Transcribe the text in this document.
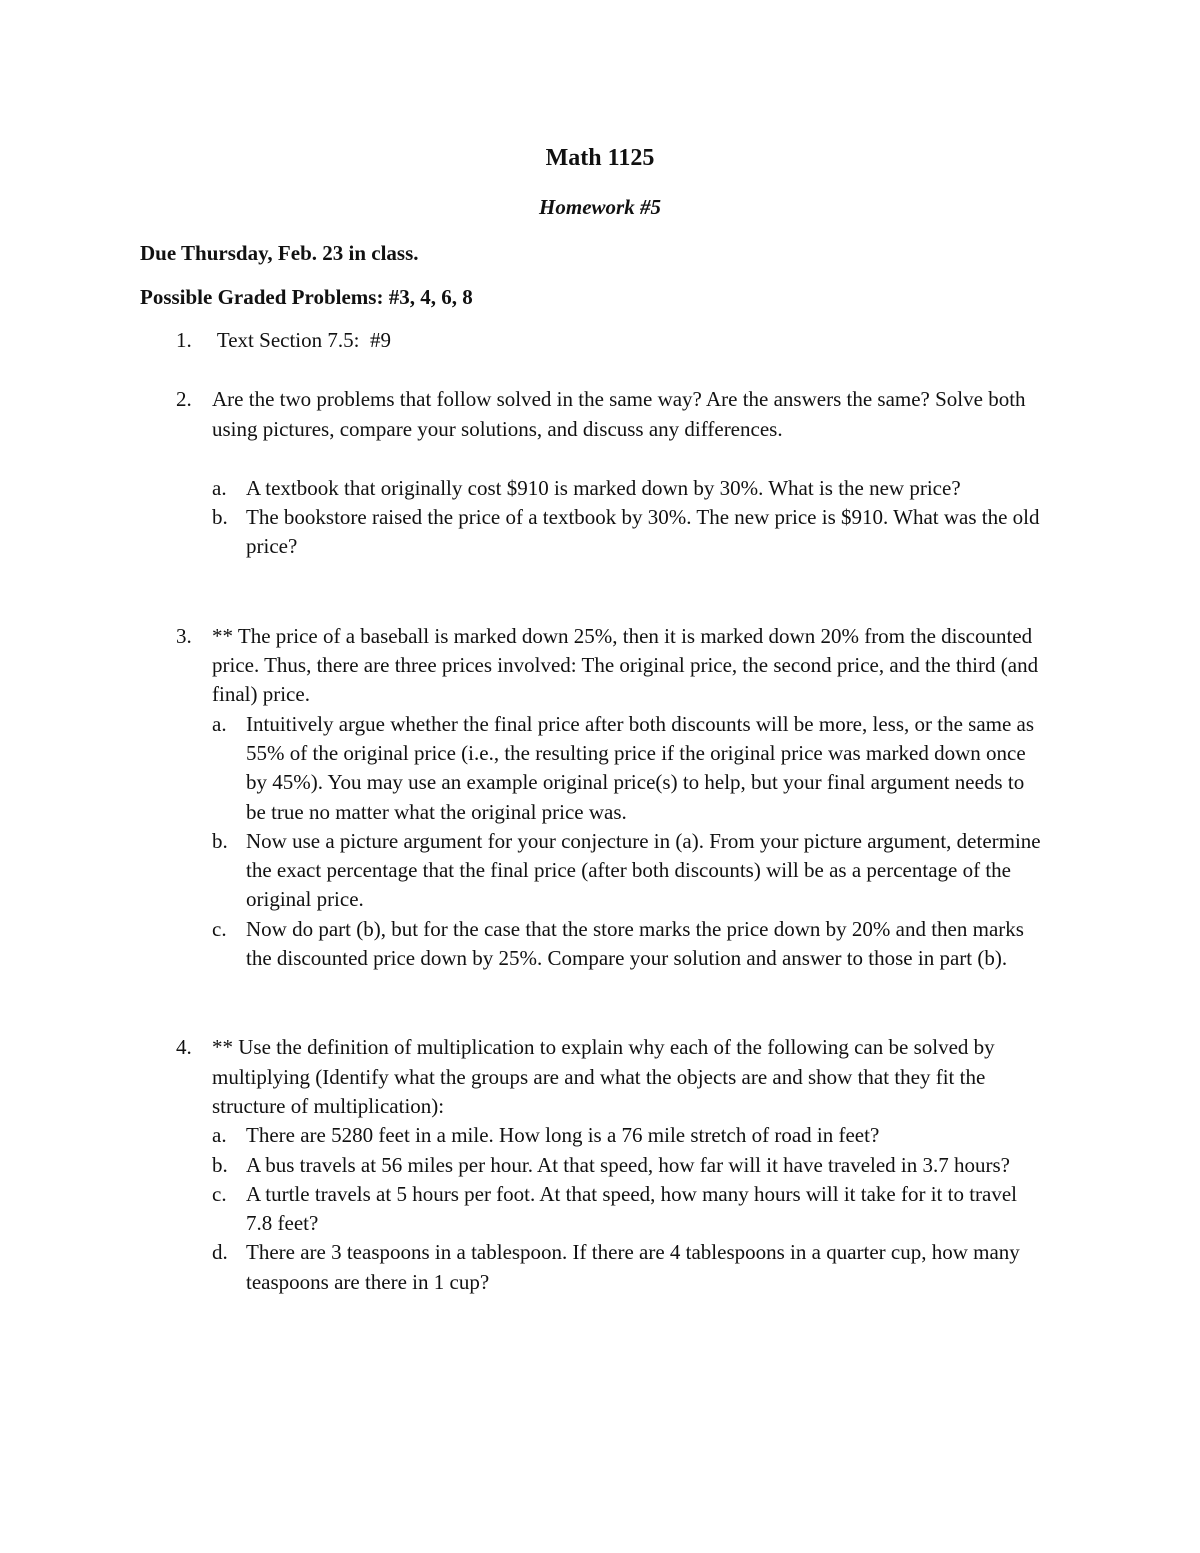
Math 1125
Homework #5
Due Thursday, Feb. 23 in class.
Possible Graded Problems: #3, 4, 6, 8
1. Text Section 7.5:  #9
2. Are the two problems that follow solved in the same way? Are the answers the same? Solve both using pictures, compare your solutions, and discuss any differences.
a. A textbook that originally cost $910 is marked down by 30%. What is the new price?
b. The bookstore raised the price of a textbook by 30%. The new price is $910. What was the old price?
3. ** The price of a baseball is marked down 25%, then it is marked down 20% from the discounted price. Thus, there are three prices involved: The original price, the second price, and the third (and final) price.
a. Intuitively argue whether the final price after both discounts will be more, less, or the same as 55% of the original price (i.e., the resulting price if the original price was marked down once by 45%). You may use an example original price(s) to help, but your final argument needs to be true no matter what the original price was.
b. Now use a picture argument for your conjecture in (a). From your picture argument, determine the exact percentage that the final price (after both discounts) will be as a percentage of the original price.
c. Now do part (b), but for the case that the store marks the price down by 20% and then marks the discounted price down by 25%. Compare your solution and answer to those in part (b).
4. ** Use the definition of multiplication to explain why each of the following can be solved by multiplying (Identify what the groups are and what the objects are and show that they fit the structure of multiplication):
a. There are 5280 feet in a mile. How long is a 76 mile stretch of road in feet?
b. A bus travels at 56 miles per hour. At that speed, how far will it have traveled in 3.7 hours?
c. A turtle travels at 5 hours per foot. At that speed, how many hours will it take for it to travel 7.8 feet?
d. There are 3 teaspoons in a tablespoon. If there are 4 tablespoons in a quarter cup, how many teaspoons are there in 1 cup?
